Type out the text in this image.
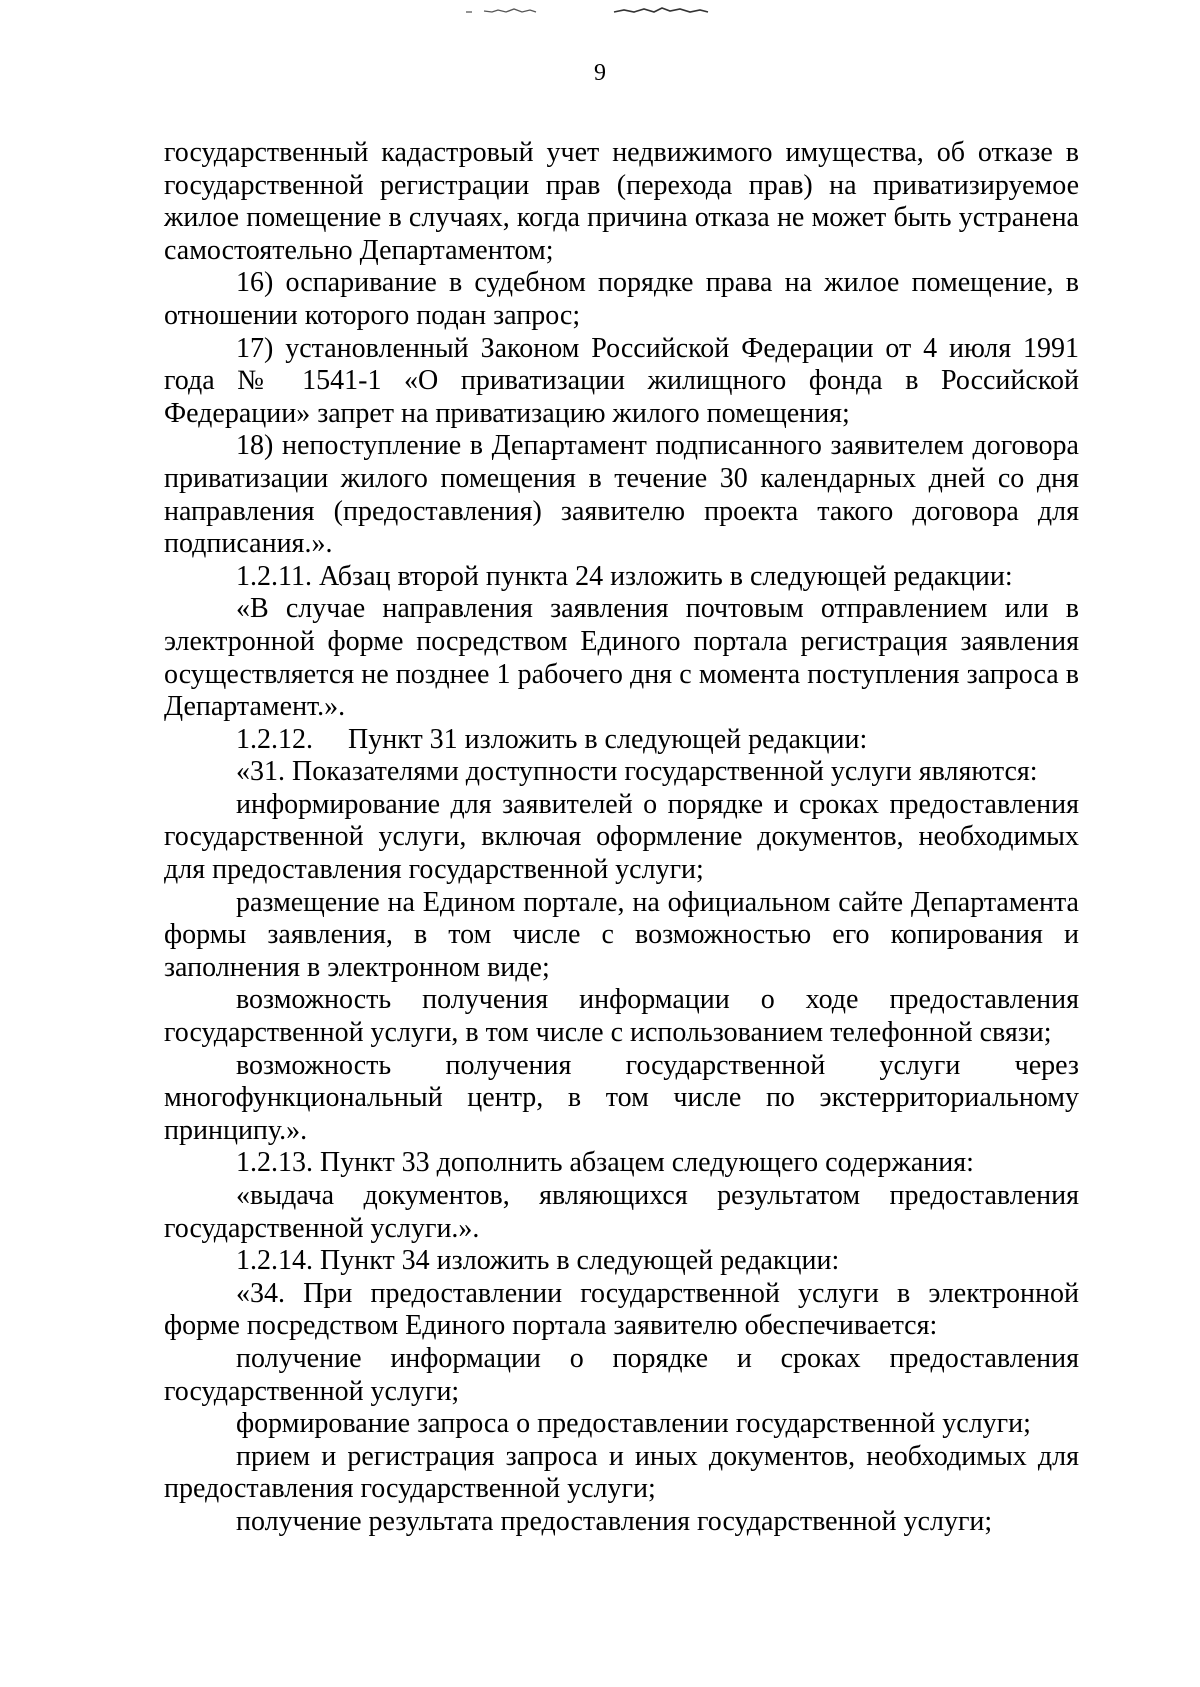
9

государственный кадастровый учет недвижимого имущества, об отказе в государственной регистрации прав (перехода прав) на приватизируемое жилое помещение в случаях, когда причина отказа не может быть устранена самостоятельно Департаментом;

16) оспаривание в судебном порядке права на жилое помещение, в отношении которого подан запрос;

17) установленный Законом Российской Федерации от 4 июля 1991 года № 1541-1 «О приватизации жилищного фонда в Российской Федерации» запрет на приватизацию жилого помещения;

18) непоступление в Департамент подписанного заявителем договора приватизации жилого помещения в течение 30 календарных дней со дня направления (предоставления) заявителю проекта такого договора для подписания.».

1.2.11. Абзац второй пункта 24 изложить в следующей редакции:

«В случае направления заявления почтовым отправлением или в электронной форме посредством Единого портала регистрация заявления осуществляется не позднее 1 рабочего дня с момента поступления запроса в Департамент.».

1.2.12.     Пункт 31 изложить в следующей редакции:

«31. Показателями доступности государственной услуги являются:

информирование для заявителей о порядке и сроках предоставления государственной услуги, включая оформление документов, необходимых для предоставления государственной услуги;

размещение на Едином портале, на официальном сайте Департамента формы заявления, в том числе с возможностью его копирования и заполнения в электронном виде;

возможность получения информации о ходе предоставления государственной услуги, в том числе с использованием телефонной связи;

возможность получения государственной услуги через многофункциональный центр, в том числе по экстерриториальному принципу.».

1.2.13. Пункт 33 дополнить абзацем следующего содержания:

«выдача документов, являющихся результатом предоставления государственной услуги.».

1.2.14. Пункт 34 изложить в следующей редакции:

«34. При предоставлении государственной услуги в электронной форме посредством Единого портала заявителю обеспечивается:

получение информации о порядке и сроках предоставления государственной услуги;

формирование запроса о предоставлении государственной услуги;

прием и регистрация запроса и иных документов, необходимых для предоставления государственной услуги;

получение результата предоставления государственной услуги;
